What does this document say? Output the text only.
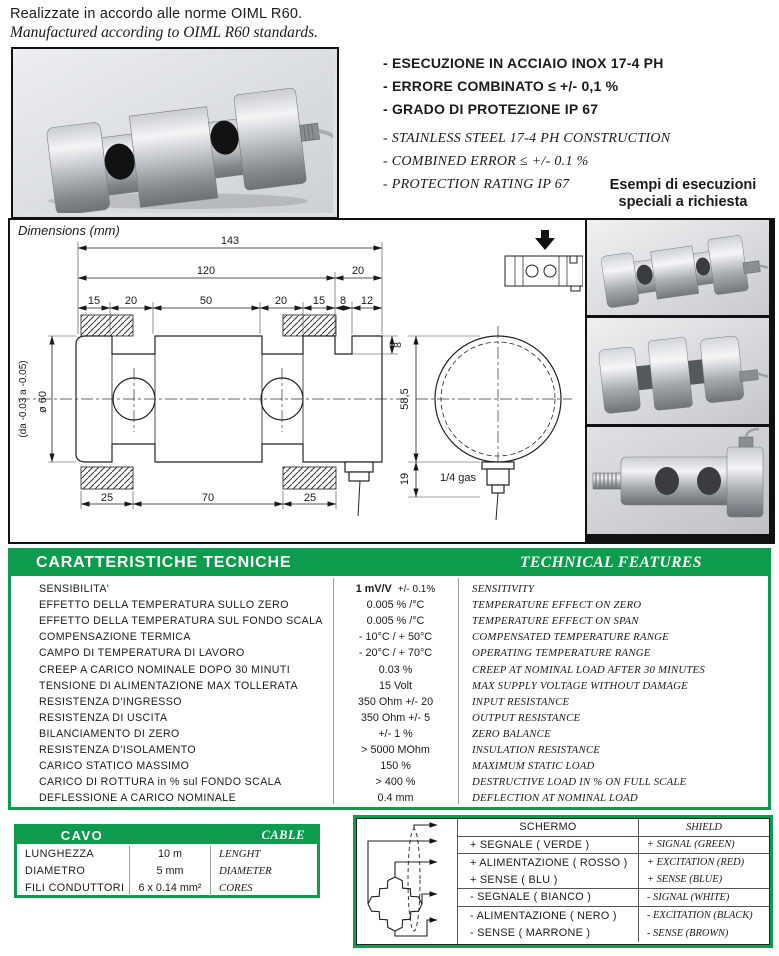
Realizzate in accordo alle norme OIML R60.
Manufactured according to OIML R60 standards.
- ESECUZIONE IN ACCIAIO INOX 17-4 PH
- ERRORE COMBINATO ≤ +/- 0,1 %
- GRADO DI PROTEZIONE IP 67
- STAINLESS STEEL 17-4 PH CONSTRUCTION
- COMBINED ERROR ≤ +/- 0.1 %
- PROTECTION RATING IP 67	Esempi di esecuzioni
speciali a richiesta
Dimensions (mm)
143
120	20
15 20	50	20 15 8 12
25	70	25
(da -0.03 a -0.05) ø 60
8
58,5
19	1/4 gas
CARATTERISTICHE TECNICHE	TECHNICAL FEATURES
SENSIBILITA'	1 mV/V +/- 0.1%	SENSITIVITY
EFFETTO DELLA TEMPERATURA SULLO ZERO	0.005 % /°C	TEMPERATURE EFFECT ON ZERO
EFFETTO DELLA TEMPERATURA SUL FONDO SCALA	0.005 % /°C	TEMPERATURE EFFECT ON SPAN
COMPENSAZIONE TERMICA	- 10°C / + 50°C	COMPENSATED TEMPERATURE RANGE
CAMPO DI TEMPERATURA DI LAVORO	- 20°C / + 70°C	OPERATING TEMPERATURE RANGE
CREEP A CARICO NOMINALE DOPO 30 MINUTI	0.03 %	CREEP AT NOMINAL LOAD AFTER 30 MINUTES
TENSIONE DI ALIMENTAZIONE MAX TOLLERATA	15 Volt	MAX SUPPLY VOLTAGE WITHOUT DAMAGE
RESISTENZA D'INGRESSO	350 Ohm +/- 20	INPUT RESISTANCE
RESISTENZA DI USCITA	350 Ohm +/- 5	OUTPUT RESISTANCE
BILANCIAMENTO DI ZERO	+/- 1 %	ZERO BALANCE
RESISTENZA D'ISOLAMENTO	> 5000 MOhm	INSULATION RESISTANCE
CARICO STATICO MASSIMO	150 %	MAXIMUM STATIC LOAD
CARICO DI ROTTURA in % sul FONDO SCALA	> 400 %	DESTRUCTIVE LOAD IN % ON FULL SCALE
DEFLESSIONE A CARICO NOMINALE	0.4 mm	DEFLECTION AT NOMINAL LOAD
CAVO	CABLE
LUNGHEZZA	10 m	LENGHT
DIAMETRO	5 mm	DIAMETER
FILI CONDUTTORI	6 x 0.14 mm²	CORES
SCHERMO	SHIELD
+ SEGNALE ( VERDE )	+ SIGNAL (GREEN)
+ ALIMENTAZIONE ( ROSSO )	+ EXCITATION (RED)
+ SENSE ( BLU )	+ SENSE (BLUE)
- SEGNALE ( BIANCO )	- SIGNAL (WHITE)
- ALIMENTAZIONE ( NERO )	- EXCITATION (BLACK)
- SENSE ( MARRONE )	- SENSE (BROWN)
